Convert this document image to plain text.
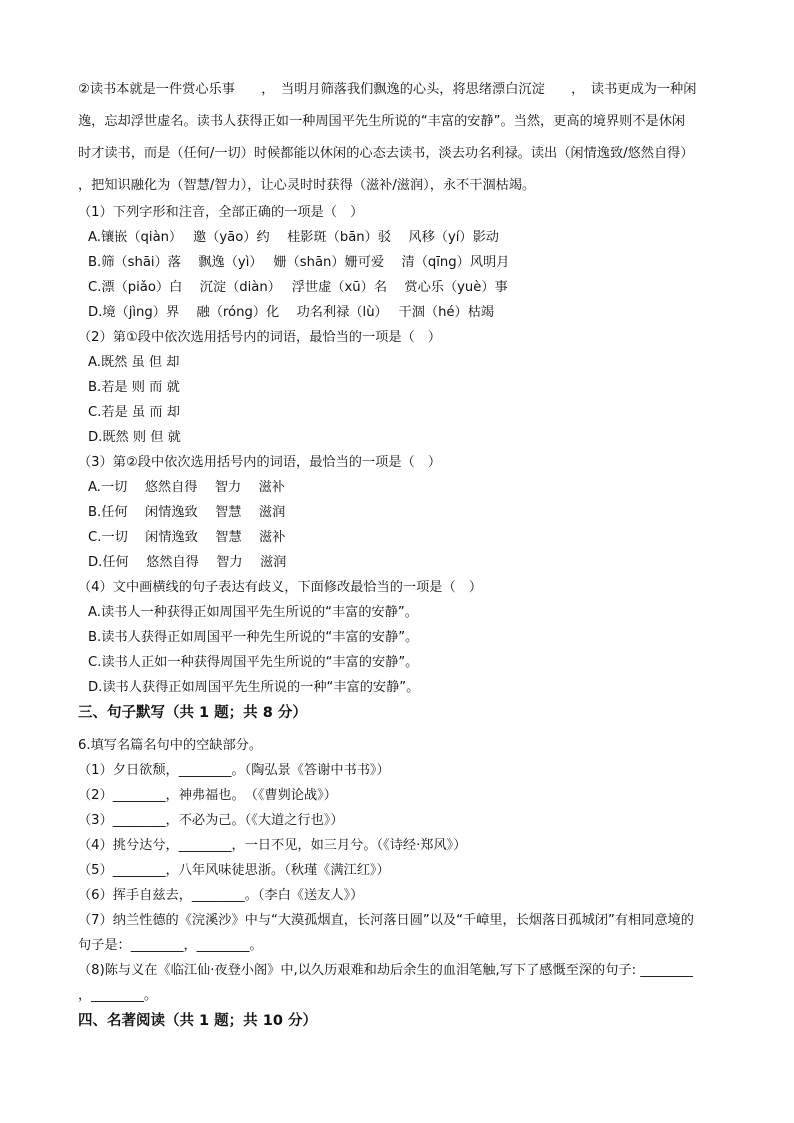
②读书本就是一件赏心乐事　　，　当明月筛落我们飘逸的心头，将思绪漂白沉淀　　，　读书更成为一种闲

逸，忘却浮世虚名。读书人获得正如一种周国平先生所说的“丰富的安静”。当然，更高的境界则不是休闲

时才读书，而是（任何/一切）时候都能以休闲的心态去读书，淡去功名利禄。读出（闲情逸致/悠然自得）

，把知识融化为（智慧/智力），让心灵时时获得（滋补/滋润），永不干涸枯竭。

（1）下列字形和注音，全部正确的一项是（　）

A.镶嵌（qiàn）　 邀（yāo）约　 桂影斑（bān）驳　 风移（yí）影动

B.筛（shāi）落　 飘逸（yì）　 姗（shān）姗可爱　 清（qīng）风明月

C.漂（piǎo）白　 沉淀（diàn）　 浮世虚（xū）名　 赏心乐（yuè）事

D.境（jìng）界　 融（róng）化　 功名利禄（lù）　 干涸（hé）枯竭

（2）第①段中依次选用括号内的词语，最恰当的一项是（　）

A.既然 虽 但 却

B.若是 则 而 就

C.若是 虽 而 却

D.既然 则 但 就

（3）第②段中依次选用括号内的词语，最恰当的一项是（　）

A.一切　 悠然自得　 智力　 滋补

B.任何　 闲情逸致　 智慧　 滋润

C.一切　 闲情逸致　 智慧　 滋补

D.任何　 悠然自得　 智力　 滋润

（4）文中画横线的句子表达有歧义，下面修改最恰当的一项是（　）

A.读书人一种获得正如周国平先生所说的“丰富的安静”。

B.读书人获得正如周国平一种先生所说的“丰富的安静”。

C.读书人正如一种获得周国平先生所说的“丰富的安静”。

D.读书人获得正如周国平先生所说的一种“丰富的安静”。

三、句子默写（共 1 题；共 8 分）

6.填写名篇名句中的空缺部分。

（1）夕日欲颓，________。（陶弘景《答谢中书书》）

（2）________，神弗福也。　（《曹刿论战》）

（3）________，不必为己。（《大道之行也》）

（4）挑兮达兮，________，一日不见，如三月兮。（《诗经·郑风》）

（5）________，八年风味徒思浙。（秋瑾《满江红》）

（6）挥手自兹去，________。（李白《送友人》）

（7）纳兰性德的《浣溪沙》中与“大漠孤烟直，长河落日圆”以及“千嶂里，长烟落日孤城闭”有相同意境的

句子是：________，________。

（8)陈与义在《临江仙·夜登小阁》中,以久历艰难和劫后余生的血泪笔触,写下了感慨至深的句子: ________

，________。

四、名著阅读（共 1 题；共 10 分）
